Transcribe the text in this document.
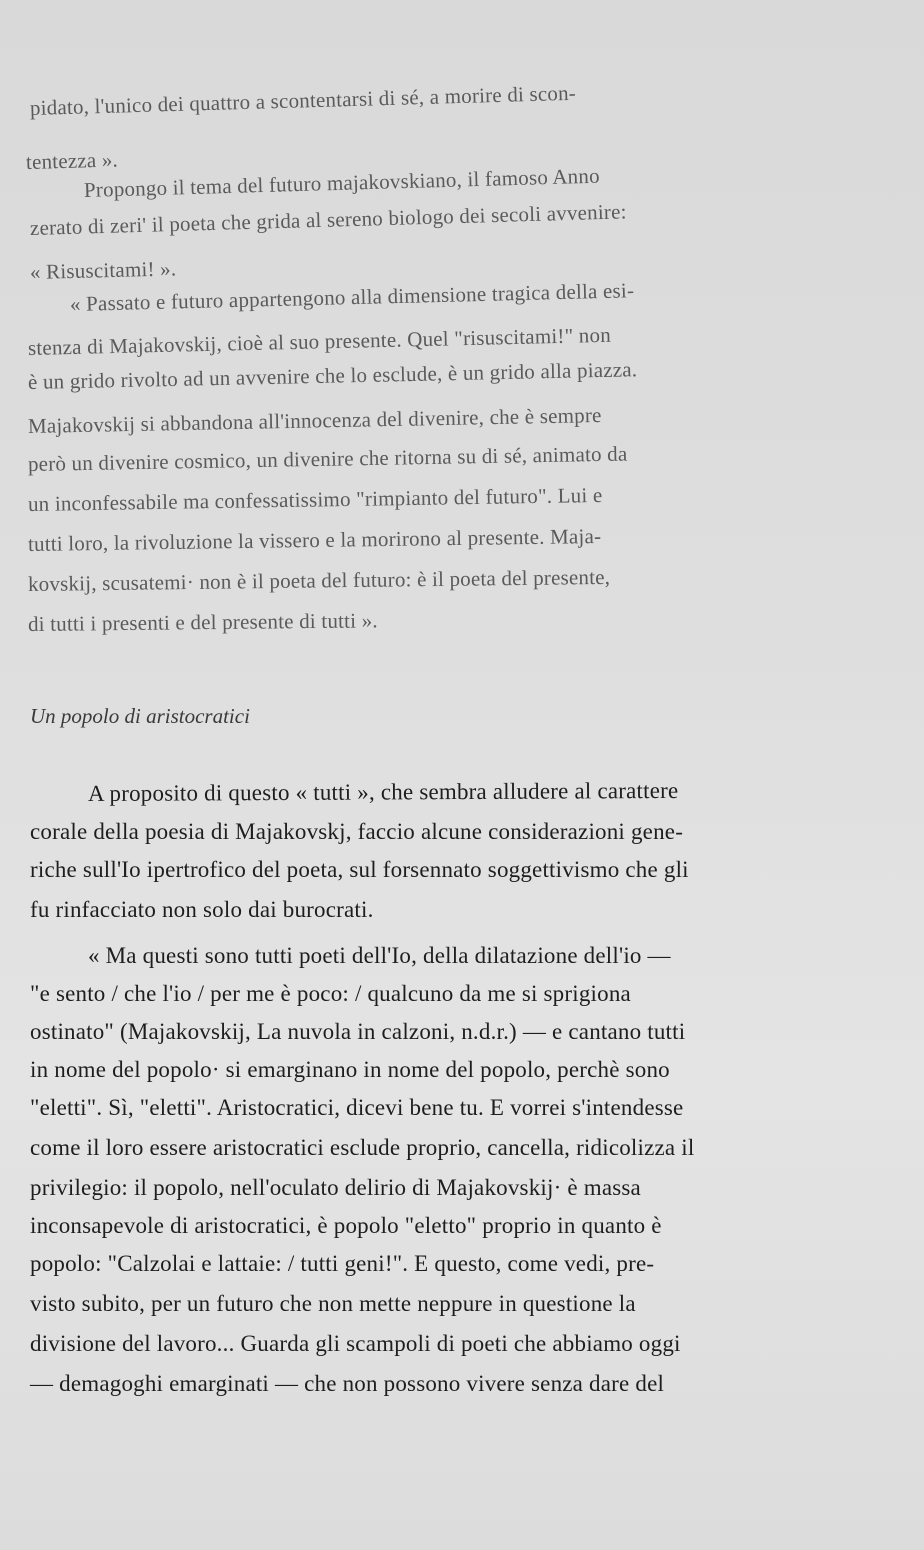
pidato, l'unico dei quattro a scontentarsi di sé, a morire di scon-
tentezza ».
Propongo il tema del futuro majakovskiano, il famoso Anno
zerato di zeri' il poeta che grida al sereno biologo dei secoli avvenire:
« Risuscitami! ».
« Passato e futuro appartengono alla dimensione tragica della esi-
stenza di Majakovskij, cioè al suo presente. Quel "risuscitami!" non
è un grido rivolto ad un avvenire che lo esclude, è un grido alla piazza.
Majakovskij si abbandona all'innocenza del divenire, che è sempre
però un divenire cosmico, un divenire che ritorna su di sé, animato da
un inconfessabile ma confessatissimo "rimpianto del futuro". Lui e
tutti loro, la rivoluzione la vissero e la morirono al presente. Maja-
kovskij, scusatemi· non è il poeta del futuro: è il poeta del presente,
di tutti i presenti e del presente di tutti ».
Un popolo di aristocratici
A proposito di questo « tutti », che sembra alludere al carattere
corale della poesia di Majakovskj, faccio alcune considerazioni gene-
riche sull'Io ipertrofico del poeta, sul forsennato soggettivismo che gli
fu rinfacciato non solo dai burocrati.
« Ma questi sono tutti poeti dell'Io, della dilatazione dell'io —
"e sento / che l'io / per me è poco: / qualcuno da me si sprigiona
ostinato" (Majakovskij, La nuvola in calzoni, n.d.r.) — e cantano tutti
in nome del popolo· si emarginano in nome del popolo, perchè sono
"eletti". Sì, "eletti". Aristocratici, dicevi bene tu. E vorrei s'intendesse
come il loro essere aristocratici esclude proprio, cancella, ridicolizza il
privilegio: il popolo, nell'oculato delirio di Majakovskij· è massa
inconsapevole di aristocratici, è popolo "eletto" proprio in quanto è
popolo: "Calzolai e lattaie: / tutti geni!". E questo, come vedi, pre-
visto subito, per un futuro che non mette neppure in questione la
divisione del lavoro... Guarda gli scampoli di poeti che abbiamo oggi
— demagoghi emarginati — che non possono vivere senza dare del
